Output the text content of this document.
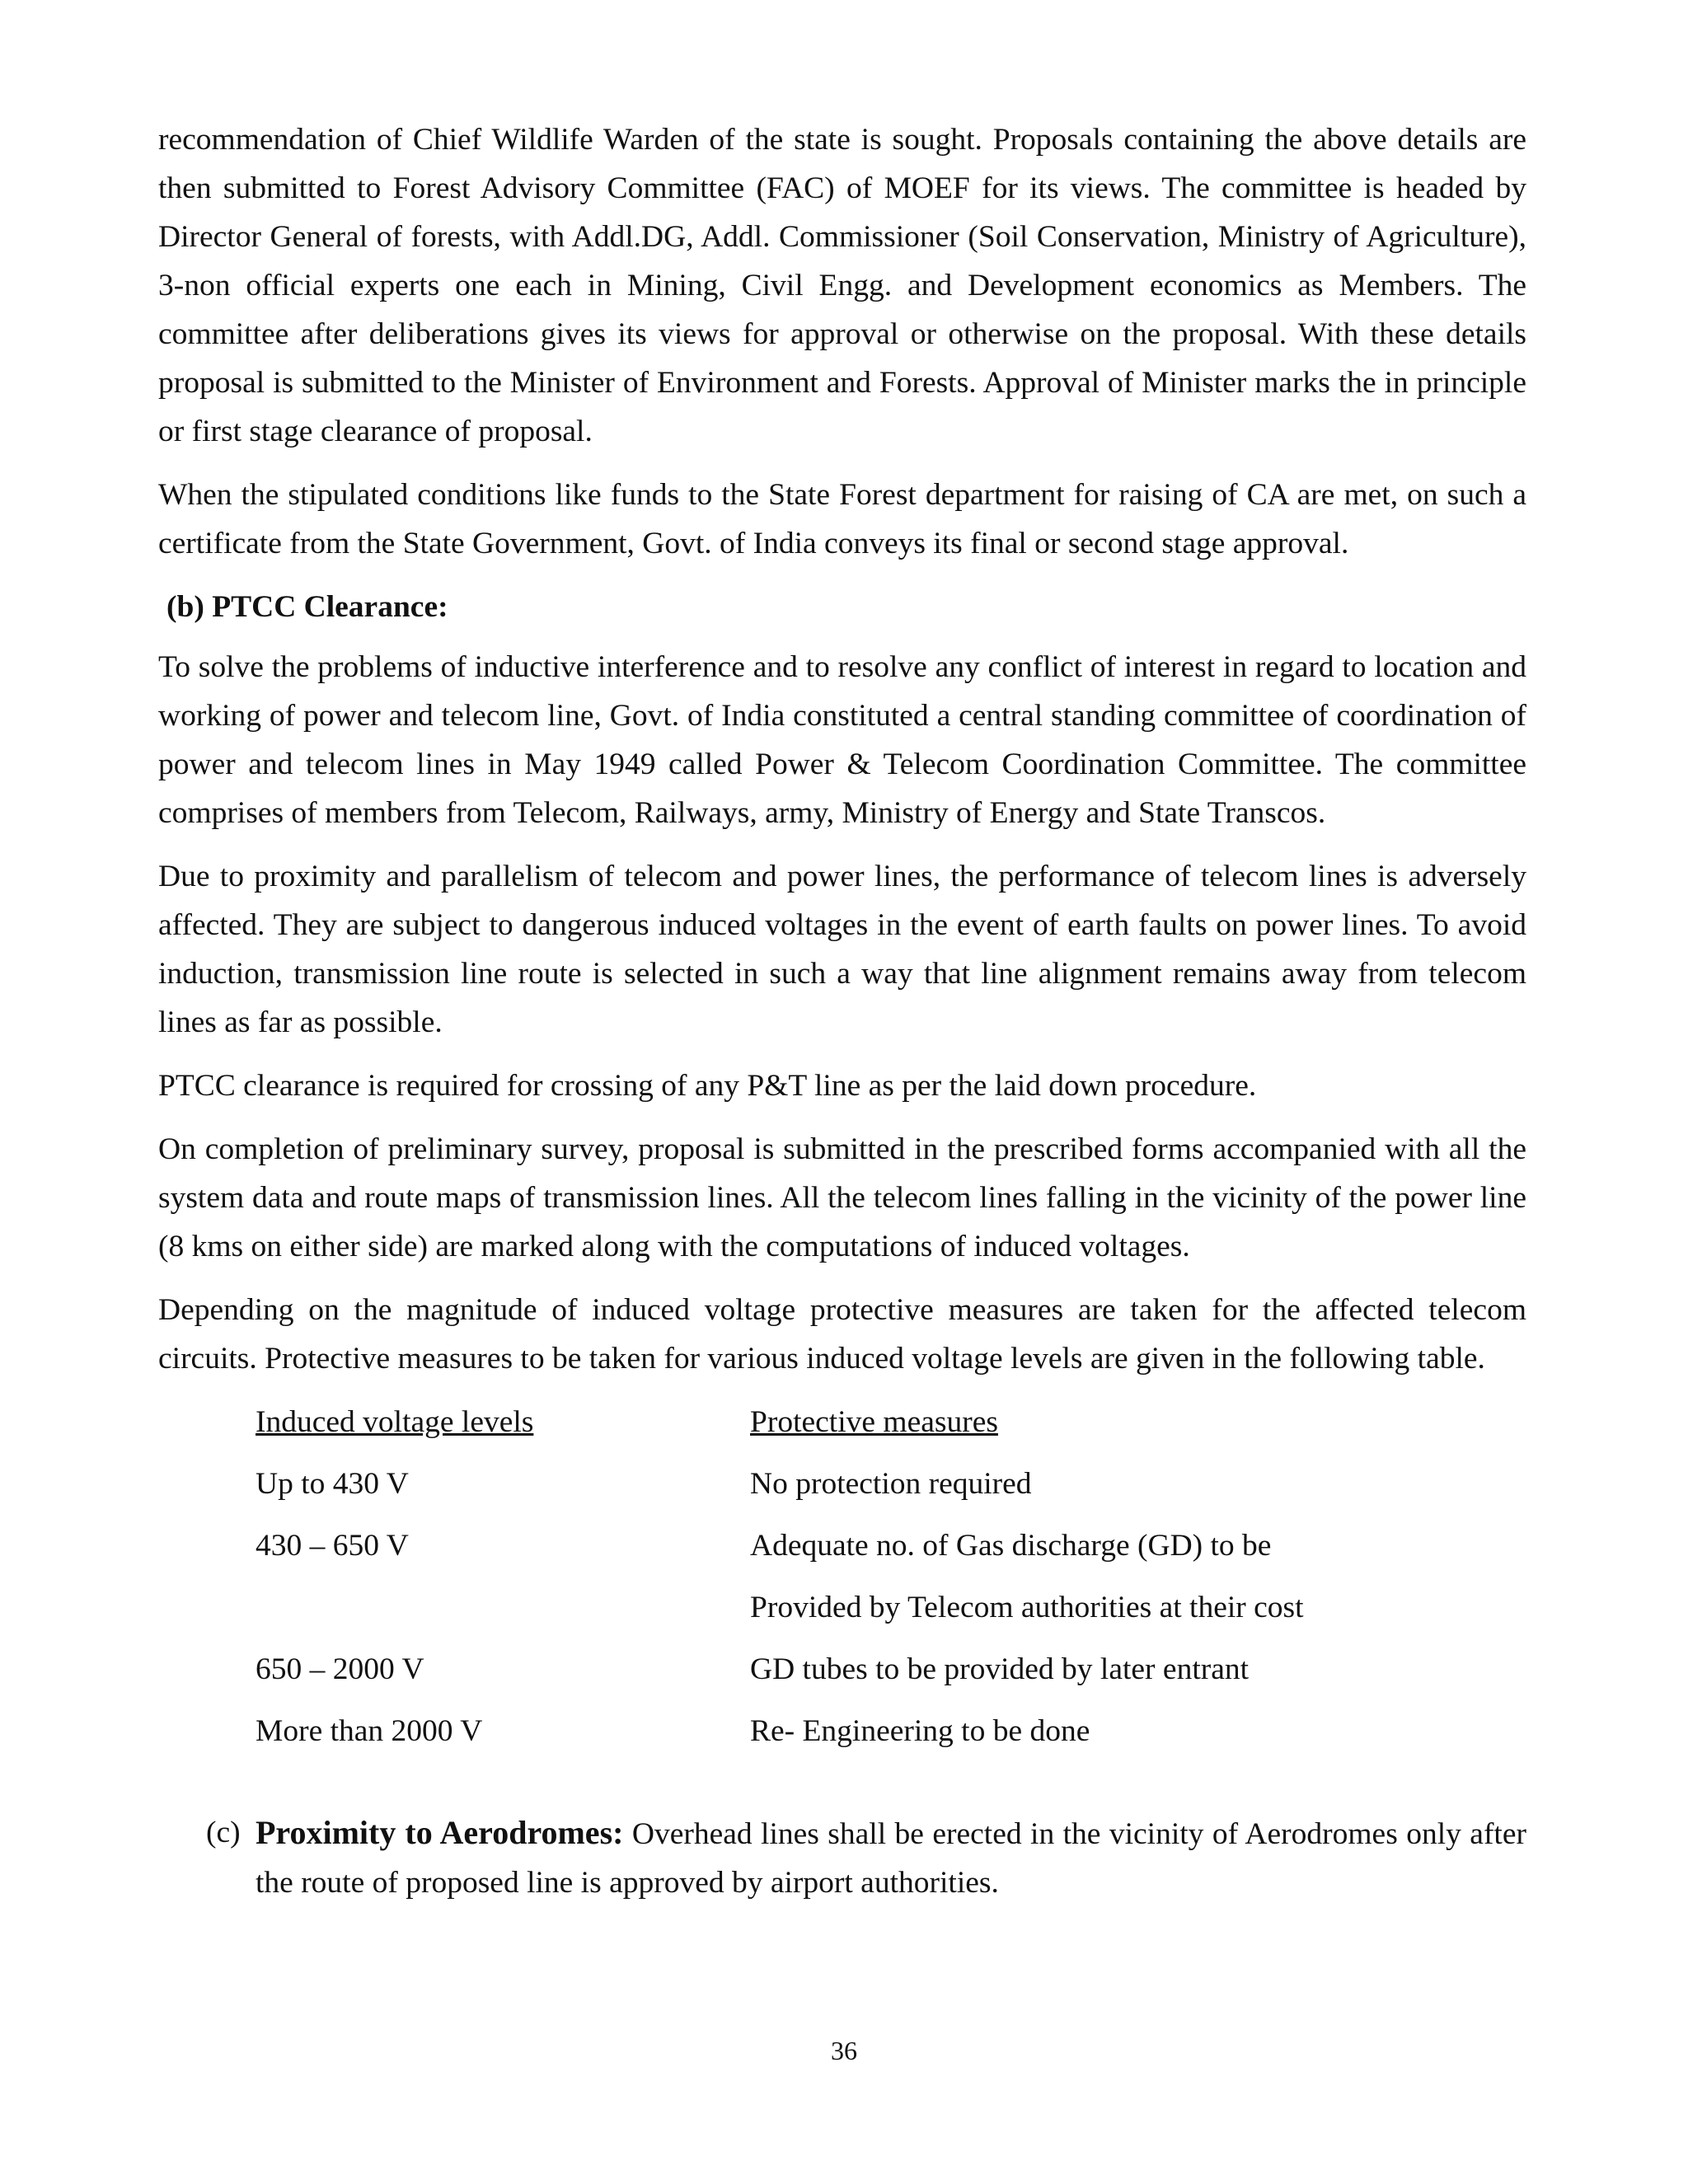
recommendation of Chief Wildlife Warden of the state is sought. Proposals containing the above details are then submitted to Forest Advisory Committee (FAC) of MOEF for its views. The committee is headed by Director General of forests, with Addl.DG, Addl. Commissioner (Soil Conservation, Ministry of Agriculture), 3-non official experts one each in Mining, Civil Engg. and Development economics as Members. The committee after deliberations gives its views for approval or otherwise on the proposal. With these details proposal is submitted to the Minister of Environment and Forests. Approval of Minister marks the in principle or first stage clearance of proposal.

When the stipulated conditions like funds to the State Forest department for raising of CA are met, on such a certificate from the State Government, Govt. of India conveys its final or second stage approval.

(b) PTCC Clearance:

To solve the problems of inductive interference and to resolve any conflict of interest in regard to location and working of power and telecom line, Govt. of India constituted a central standing committee of coordination of power and telecom lines in May 1949 called Power & Telecom Coordination Committee. The committee comprises of members from Telecom, Railways, army, Ministry of Energy and State Transcos.

Due to proximity and parallelism of telecom and power lines, the performance of telecom lines is adversely affected. They are subject to dangerous induced voltages in the event of earth faults on power lines. To avoid induction, transmission line route is selected in such a way that line alignment remains away from telecom lines as far as possible.

PTCC clearance is required for crossing of any P&T line as per the laid down procedure.

On completion of preliminary survey, proposal is submitted in the prescribed forms accompanied with all the system data and route maps of transmission lines. All the telecom lines falling in the vicinity of the power line (8 kms on either side) are marked along with the computations of induced voltages.

Depending on the magnitude of induced voltage protective measures are taken for the affected telecom circuits. Protective measures to be taken for various induced voltage levels are given in the following table.

Induced voltage levels	Protective measures
Up to 430 V	No protection required
430 – 650 V	Adequate no. of Gas discharge (GD) to be
Provided by Telecom authorities at their cost
650 – 2000 V	GD tubes to be provided by later entrant
More than 2000 V	Re- Engineering to be done
(c) Proximity to Aerodromes: Overhead lines shall be erected in the vicinity of Aerodromes only after the route of proposed line is approved by airport authorities.
36
